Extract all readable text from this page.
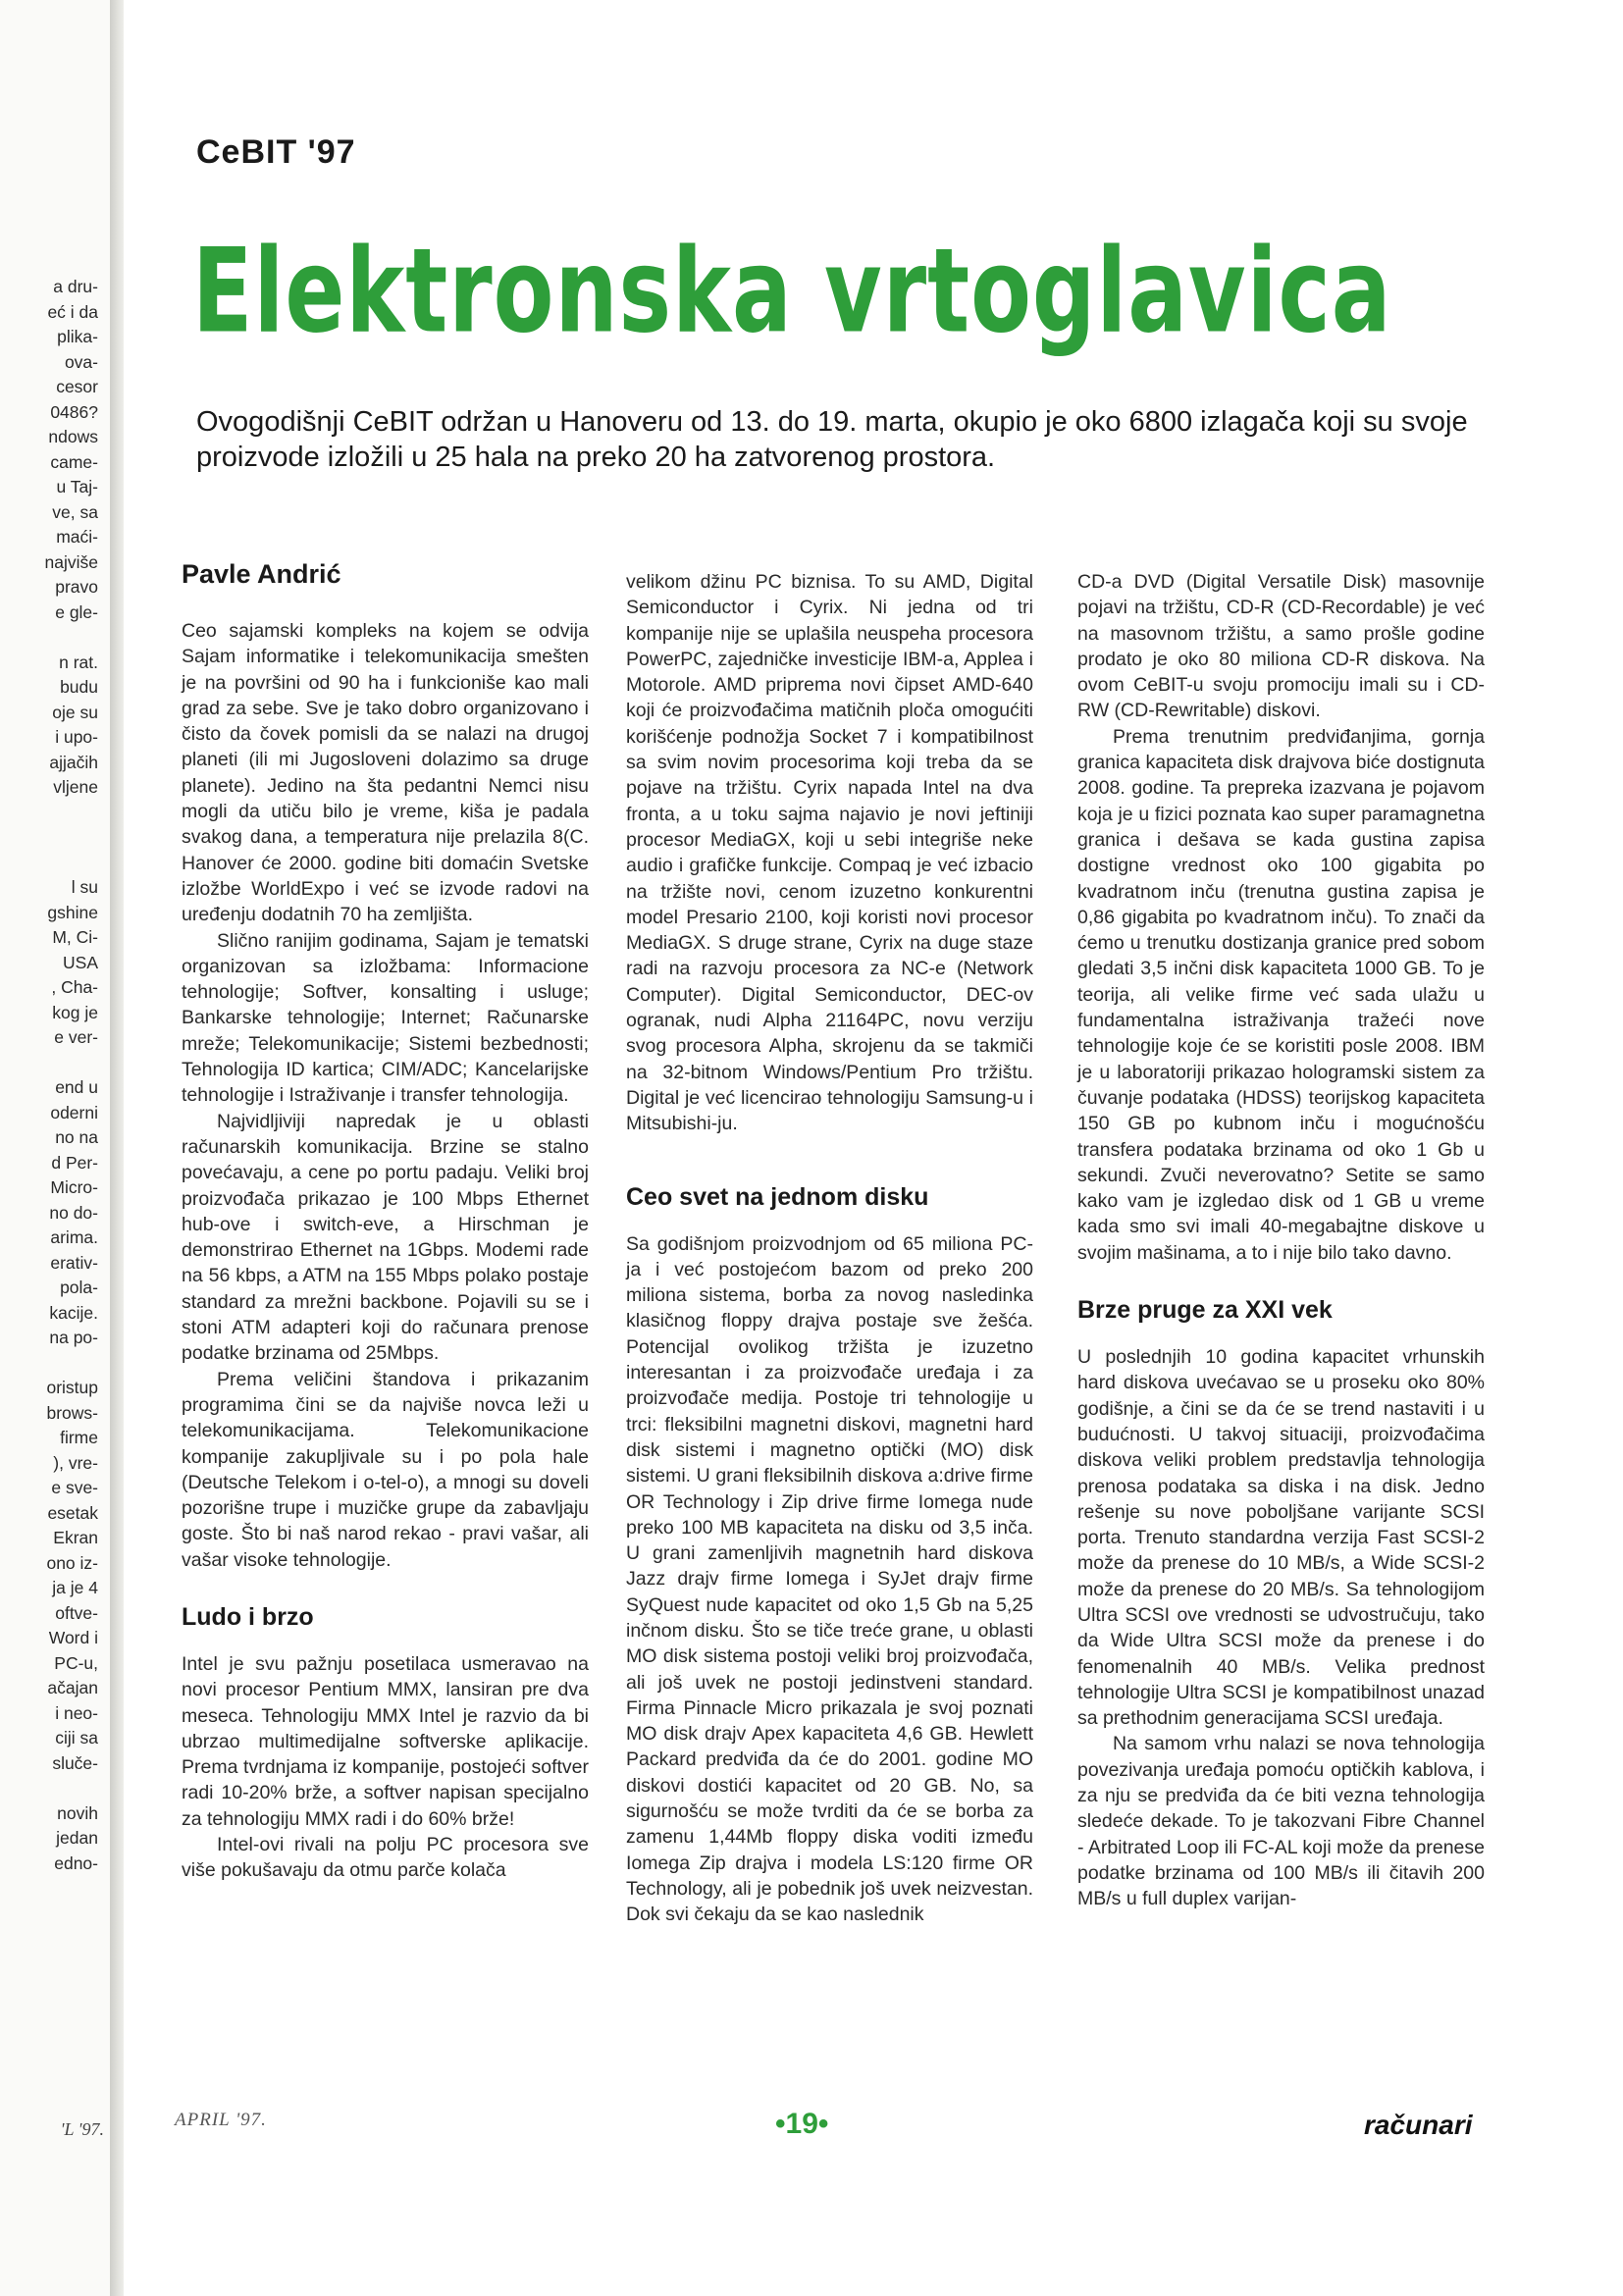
a dru-

eć i da

plika-

ova-

cesor

0486?

ndows

came-

u Taj-

ve, sa

maći-

najviše

pravo

e gle-

n rat.

budu

oje su

i upo-

ajjačih

vljene

l su

gshine

M, Ci-

USA

, Cha-

kog je

e ver-

end u

oderni

no na

d Per-

Micro-

no do-

arima.

erativ-

pola-

kacije.

na po-

oristup

brows-

firme

), vre-

e sve-

esetak

Ekran

ono iz-

ja je 4

oftve-

Word i

PC-u,

ačajan

i neo-

ciji sa

sluče-

novih

jedan

edno-

'L '97.
CeBIT '97
Elektronska vrtoglavica

Ovogodišnji CeBIT održan u Hanoveru od 13. do 19. marta, okupio je oko 6800 izlagača koji su svoje proizvode izložili u 25 hala na preko 20 ha zatvorenog prostora.

Pavle Andrić

Ceo sajamski kompleks na kojem se odvija Sajam informatike i telekomunikacija smešten je na površini od 90 ha i funkcioniše kao mali grad za sebe. Sve je tako dobro organizovano i čisto da čovek pomisli da se nalazi na drugoj planeti (ili mi Jugosloveni dolazimo sa druge planete). Jedino na šta pedantni Nemci nisu mogli da utiču bilo je vreme, kiša je padala svakog dana, a temperatura nije prelazila 8(C. Hanover će 2000. godine biti domaćin Svetske izložbe WorldExpo i već se izvode radovi na uređenju dodatnih 70 ha zemljišta.

Slično ranijim godinama, Sajam je tematski organizovan sa izložbama: Informacione tehnologije; Softver, konsalting i usluge; Bankarske tehnologije; Internet; Računarske mreže; Telekomunikacije; Sistemi bezbednosti; Tehnologija ID kartica; CIM/ADC; Kancelarijske tehnologije i Istraživanje i transfer tehnologija.

Najvidljiviji napredak je u oblasti računarskih komunikacija. Brzine se stalno povećavaju, a cene po portu padaju. Veliki broj proizvođača prikazao je 100 Mbps Ethernet hub-ove i switch-eve, a Hirschman je demonstrirao Ethernet na 1Gbps. Modemi rade na 56 kbps, a ATM na 155 Mbps polako postaje standard za mrežni backbone. Pojavili su se i stoni ATM adapteri koji do računara prenose podatke brzinama od 25Mbps.

Prema veličini štandova i prikazanim programima čini se da najviše novca leži u telekomunikacijama. Telekomunikacione kompanije zakupljivale su i po pola hale (Deutsche Telekom i o-tel-o), a mnogi su doveli pozorišne trupe i muzičke grupe da zabavljaju goste. Što bi naš narod rekao - pravi vašar, ali vašar visoke tehnologije.

Ludo i brzo

Intel je svu pažnju posetilaca usmeravao na novi procesor Pentium MMX, lansiran pre dva meseca. Tehnologiju MMX Intel je razvio da bi ubrzao multimedijalne softverske aplikacije. Prema tvrdnjama iz kompanije, postojeći softver radi 10-20% brže, a softver napisan specijalno za tehnologiju MMX radi i do 60% brže!

Intel-ovi rivali na polju PC procesora sve više pokušavaju da otmu parče kolača

velikom džinu PC biznisa. To su AMD, Digital Semiconductor i Cyrix. Ni jedna od tri kompanije nije se uplašila neuspeha procesora PowerPC, zajedničke investicije IBM-a, Applea i Motorole. AMD priprema novi čipset AMD-640 koji će proizvođačima matičnih ploča omogućiti korišćenje podnožja Socket 7 i kompatibilnost sa svim novim procesorima koji treba da se pojave na tržištu. Cyrix napada Intel na dva fronta, a u toku sajma najavio je novi jeftiniji procesor MediaGX, koji u sebi integriše neke audio i grafičke funkcije. Compaq je već izbacio na tržište novi, cenom izuzetno konkurentni model Presario 2100, koji koristi novi procesor MediaGX. S druge strane, Cyrix na duge staze radi na razvoju procesora za NC-e (Network Computer). Digital Semiconductor, DEC-ov ogranak, nudi Alpha 21164PC, novu verziju svog procesora Alpha, skrojenu da se takmiči na 32-bitnom Windows/Pentium Pro tržištu. Digital je već licencirao tehnologiju Samsung-u i Mitsubishi-ju.

Ceo svet na jednom disku

Sa godišnjom proizvodnjom od 65 miliona PC-ja i već postojećom bazom od preko 200 miliona sistema, borba za novog nasledinka klasičnog floppy drajva postaje sve žešća. Potencijal ovolikog tržišta je izuzetno interesantan i za proizvođače uređaja i za proizvođače medija. Postoje tri tehnologije u trci: fleksibilni magnetni diskovi, magnetni hard disk sistemi i magnetno optički (MO) disk sistemi. U grani fleksibilnih diskova a:drive firme OR Technology i Zip drive firme Iomega nude preko 100 MB kapaciteta na disku od 3,5 inča. U grani zamenljivih magnetnih hard diskova Jazz drajv firme Iomega i SyJet drajv firme SyQuest nude kapacitet od oko 1,5 Gb na 5,25 inčnom disku. Što se tiče treće grane, u oblasti MO disk sistema postoji veliki broj proizvođača, ali još uvek ne postoji jedinstveni standard. Firma Pinnacle Micro prikazala je svoj poznati MO disk drajv Apex kapaciteta 4,6 GB. Hewlett Packard predviđa da će do 2001. godine MO diskovi dostići kapacitet od 20 GB. No, sa sigurnošću se može tvrditi da će se borba za zamenu 1,44Mb floppy diska voditi između Iomega Zip drajva i modela LS:120 firme OR Technology, ali je pobednik još uvek neizvestan. Dok svi čekaju da se kao naslednik

CD-a DVD (Digital Versatile Disk) masovnije pojavi na tržištu, CD-R (CD-Recordable) je već na masovnom tržištu, a samo prošle godine prodato je oko 80 miliona CD-R diskova. Na ovom CeBIT-u svoju promociju imali su i CD-RW (CD-Rewritable) diskovi.

Prema trenutnim predviđanjima, gornja granica kapaciteta disk drajvova biće dostignuta 2008. godine. Ta prepreka izazvana je pojavom koja je u fizici poznata kao super paramagnetna granica i dešava se kada gustina zapisa dostigne vrednost oko 100 gigabita po kvadratnom inču (trenutna gustina zapisa je 0,86 gigabita po kvadratnom inču). To znači da ćemo u trenutku dostizanja granice pred sobom gledati 3,5 inčni disk kapaciteta 1000 GB. To je teorija, ali velike firme već sada ulažu u fundamentalna istraživanja tražeći nove tehnologije koje će se koristiti posle 2008. IBM je u laboratoriji prikazao hologramski sistem za čuvanje podataka (HDSS) teorijskog kapaciteta 150 GB po kubnom inču i mogućnošću transfera podataka brzinama od oko 1 Gb u sekundi. Zvuči neverovatno? Setite se samo kako vam je izgledao disk od 1 GB u vreme kada smo svi imali 40-megabajtne diskove u svojim mašinama, a to i nije bilo tako davno.

Brze pruge za XXI vek

U poslednjih 10 godina kapacitet vrhunskih hard diskova uvećavao se u proseku oko 80% godišnje, a čini se da će se trend nastaviti i u budućnosti. U takvoj situaciji, proizvođačima diskova veliki problem predstavlja tehnologija prenosa podataka sa diska i na disk. Jedno rešenje su nove poboljšane varijante SCSI porta. Trenuto standardna verzija Fast SCSI-2 može da prenese do 10 MB/s, a Wide SCSI-2 može da prenese do 20 MB/s. Sa tehnologijom Ultra SCSI ove vrednosti se udvostručuju, tako da Wide Ultra SCSI može da prenese i do fenomenalnih 40 MB/s. Velika prednost tehnologije Ultra SCSI je kompatibilnost unazad sa prethodnim generacijama SCSI uređaja.

Na samom vrhu nalazi se nova tehnologija povezivanja uređaja pomoću optičkih kablova, i za nju se predviđa da će biti vezna tehnologija sledeće dekade. To je takozvani Fibre Channel - Arbitrated Loop ili FC-AL koji može da prenese podatke brzinama od 100 MB/s ili čitavih 200 MB/s u full duplex varijan-

APRIL '97.	•19•	računari
